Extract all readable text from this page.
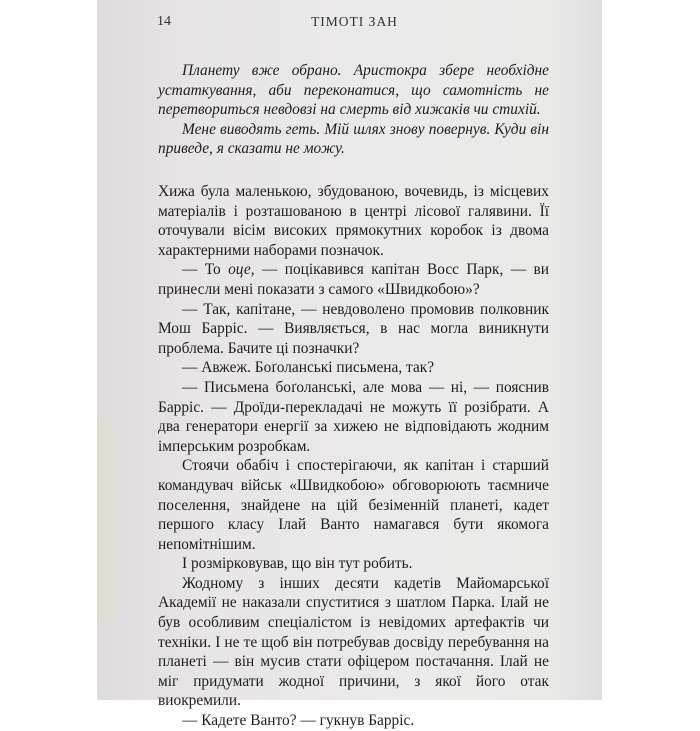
14	ТІМОТІ ЗАН

Планету вже обрано. Аристокра збере необхідне устаткування, аби переконатися, що самотність не перетвориться невдовзі на смерть від хижаків чи стихій.

Мене виводять геть. Мій шлях знову повернув. Куди він приведе, я сказати не можу.

Хижа була маленькою, збудованою, вочевидь, із місцевих матеріалів і розташованою в центрі лісової галявини. Її оточували вісім високих прямокутних коробок із двома характерними наборами позначок.

— То оце, — поцікавився капітан Восс Парк, — ви принесли мені показати з самого «Швидкобою»?

— Так, капітане, — невдоволено промовив полковник Мош Барріс. — Виявляється, в нас могла виникнути проблема. Бачите ці позначки?

— Авжеж. Боґоланські письмена, так?

— Письмена боґоланські, але мова — ні, — пояснив Барріс. — Дроїди-перекладачі не можуть її розібрати. А два генератори енергії за хижею не відповідають жодним імперським розробкам.

Стоячи обабіч і спостерігаючи, як капітан і старший командувач військ «Швидкобою» обговорюють таємниче поселення, знайдене на цій безіменній планеті, кадет першого класу Ілай Ванто намагався бути якомога непомітнішим.

І розмірковував, що він тут робить.

Жодному з інших десяти кадетів Майомарської Академії не наказали спуститися з шатлом Парка. Ілай не був особливим спеціалістом із невідомих артефактів чи техніки. І не те щоб він потребував досвіду перебування на планеті — він мусив стати офіцером постачання. Ілай не міг придумати жодної причини, з якої його отак виокремили.

— Кадете Ванто? — гукнув Барріс.
